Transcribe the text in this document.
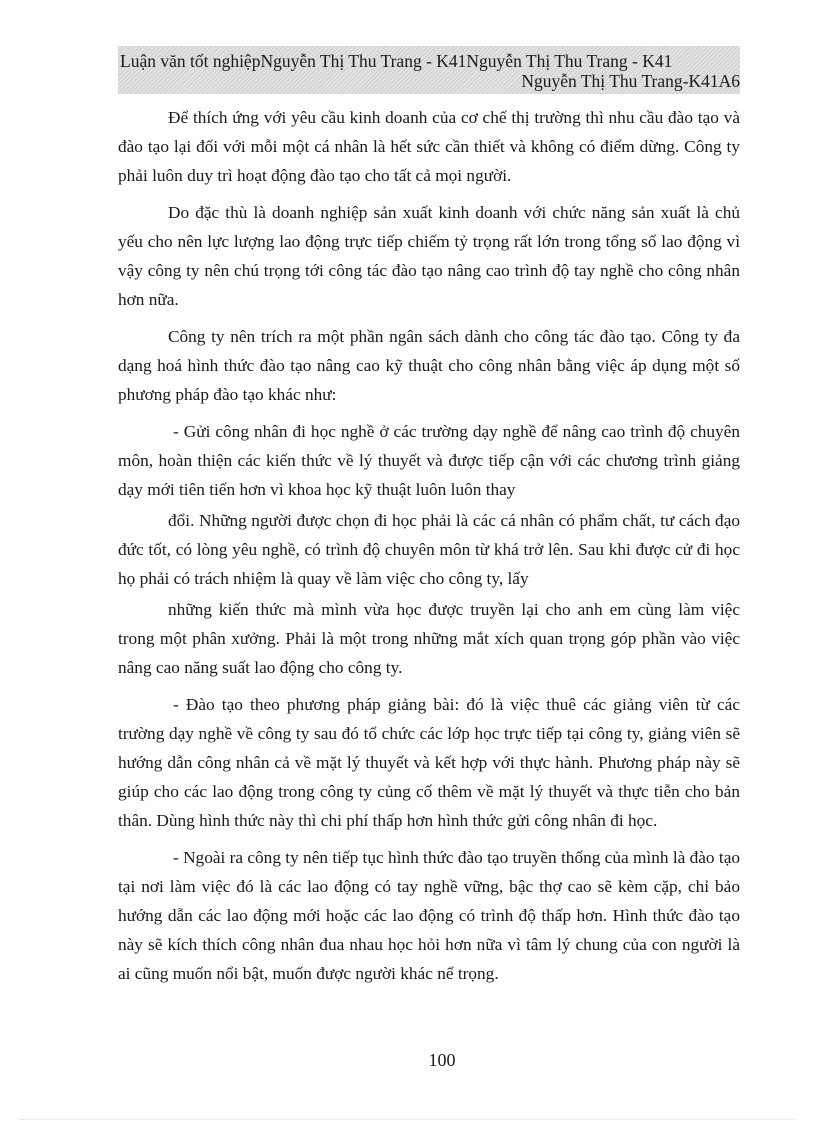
Luận văn tốt nghiệpNguyễn Thị Thu Trang - K41Nguyễn Thị Thu Trang - K41
Nguyễn Thị Thu Trang-K41A6

Để thích ứng với yêu cầu kinh doanh của cơ chế thị trường thì nhu cầu đào tạo và đào tạo lại đối với mỗi một cá nhân là hết sức cần thiết và không có điểm dừng. Công ty phải luôn duy trì hoạt động đào tạo cho tất cả mọi người.

Do đặc thù là doanh nghiệp sản xuất kinh doanh với chức năng sản xuất là chủ yếu cho nên lực lượng lao động trực tiếp chiếm tỷ trọng rất lớn trong tổng số lao động vì vậy công ty nên chú trọng tới công tác đào tạo nâng cao trình độ tay nghề cho công nhân hơn nữa.

Công ty nên trích ra một phần ngân sách dành cho công tác đào tạo. Công ty đa dạng hoá hình thức đào tạo nâng cao kỹ thuật cho công nhân bằng việc áp dụng một số phương pháp đào tạo khác như:

- Gửi công nhân đi học nghề ở các trường dạy nghề để nâng cao trình độ chuyên môn, hoàn thiện các kiến thức về lý thuyết và được tiếp cận với các chương trình giảng dạy mới tiên tiến hơn vì khoa học kỹ thuật luôn luôn thay

đổi. Những người được chọn đi học phải là các cá nhân có phẩm chất, tư cách đạo đức tốt, có lòng yêu nghề, có trình độ chuyên môn từ khá trở lên. Sau khi được cử đi học họ phải có trách nhiệm là quay về làm việc cho công ty, lấy

những kiến thức mà mình vừa học được truyền lại cho anh em cùng làm việc trong một phân xưởng. Phải là một trong những mắt xích quan trọng góp phần vào việc nâng cao năng suất lao động cho công ty.

- Đào tạo theo phương pháp giảng bài: đó là việc thuê các giảng viên từ các trường dạy nghề về công ty sau đó tổ chức các lớp học trực tiếp tại công ty, giảng viên sẽ hướng dẫn công nhân cả về mặt lý thuyết và kết hợp với thực hành. Phương pháp này sẽ giúp cho các lao động trong công ty củng cố thêm về mặt lý thuyết và thực tiễn cho bản thân. Dùng hình thức này thì chi phí thấp hơn hình thức gửi công nhân đi học.

- Ngoài ra công ty nên tiếp tục hình thức đào tạo truyền thống của mình là đào tạo tại nơi làm việc đó là các lao động có tay nghề vững, bậc thợ cao sẽ kèm cặp, chỉ bảo hướng dẫn các lao động mới hoặc các lao động có trình độ thấp hơn. Hình thức đào tạo này sẽ kích thích công nhân đua nhau học hỏi hơn nữa vì tâm lý chung của con người là ai cũng muốn nổi bật, muốn được người khác nể trọng.

100
